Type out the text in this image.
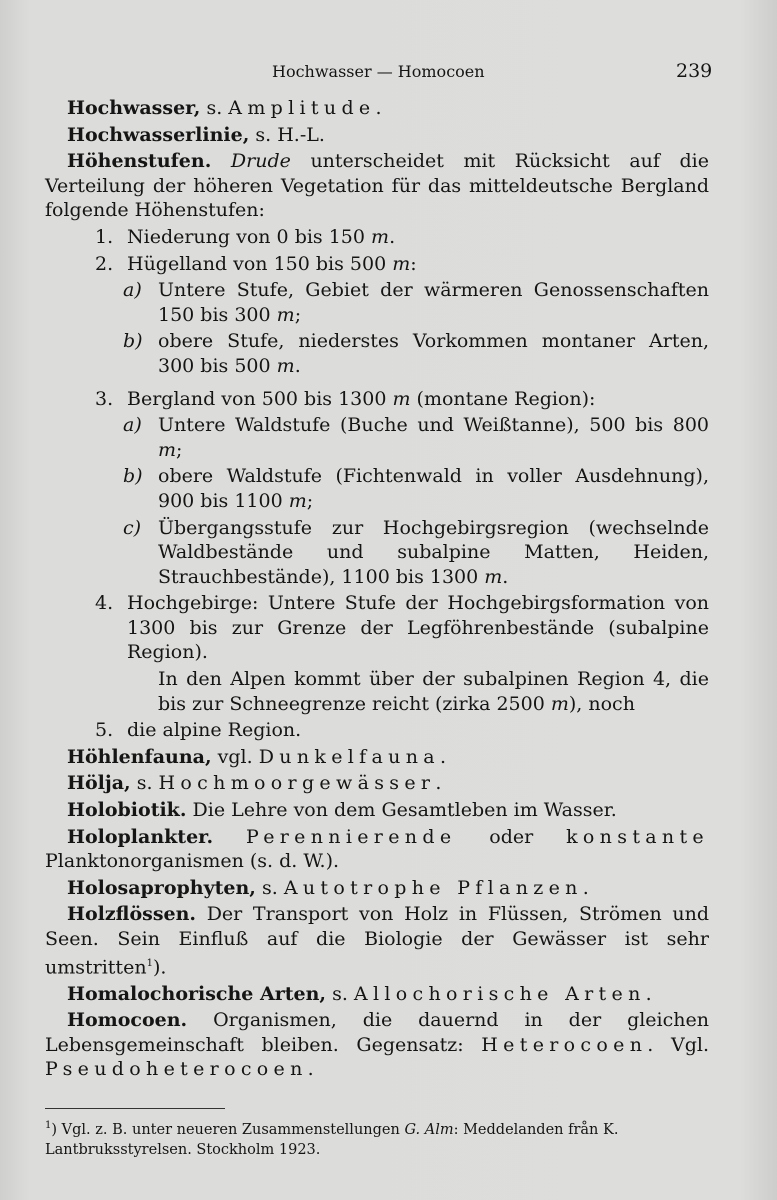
Hochwasser — Homocoen	239

Hochwasser, s. Amplitude.

Hochwasserlinie, s. H.-L.

Höhenstufen. Drude unterscheidet mit Rücksicht auf die Verteilung der höheren Vegetation für das mitteldeutsche Bergland folgende Höhenstufen:

1. Niederung von 0 bis 150 m.

2. Hügelland von 150 bis 500 m:

a) Untere Stufe, Gebiet der wärmeren Genossenschaften 150 bis 300 m;

b) obere Stufe, niederstes Vorkommen montaner Arten, 300 bis 500 m.

3. Bergland von 500 bis 1300 m (montane Region):

a) Untere Waldstufe (Buche und Weißtanne), 500 bis 800 m;

b) obere Waldstufe (Fichtenwald in voller Ausdehnung), 900 bis 1100 m;

c) Übergangsstufe zur Hochgebirgsregion (wechselnde Waldbestände und subalpine Matten, Heiden, Strauchbestände), 1100 bis 1300 m.

4. Hochgebirge: Untere Stufe der Hochgebirgsformation von 1300 bis zur Grenze der Legföhrenbestände (subalpine Region).

In den Alpen kommt über der subalpinen Region 4, die bis zur Schneegrenze reicht (zirka 2500 m), noch

5. die alpine Region.

Höhlenfauna, vgl. Dunkelfauna.

Hölja, s. Hochmoorgewässer.

Holobiotik. Die Lehre von dem Gesamtleben im Wasser.

Holoplankter. Perennierende oder konstante Planktonorganismen (s. d. W.).

Holosaprophyten, s. Autotrophe Pflanzen.

Holzflössen. Der Transport von Holz in Flüssen, Strömen und Seen. Sein Einfluß auf die Biologie der Gewässer ist sehr umstritten$^1$).

Homalochorische Arten, s. Allochorische Arten.

Homocoen. Organismen, die dauernd in der gleichen Lebensgemeinschaft bleiben. Gegensatz: Heterocoen. Vgl. Pseudoheterocoen.

$^1$) Vgl. z. B. unter neueren Zusammenstellungen G. Alm: Meddelanden från K. Lantbruksstyrelsen. Stockholm 1923.
